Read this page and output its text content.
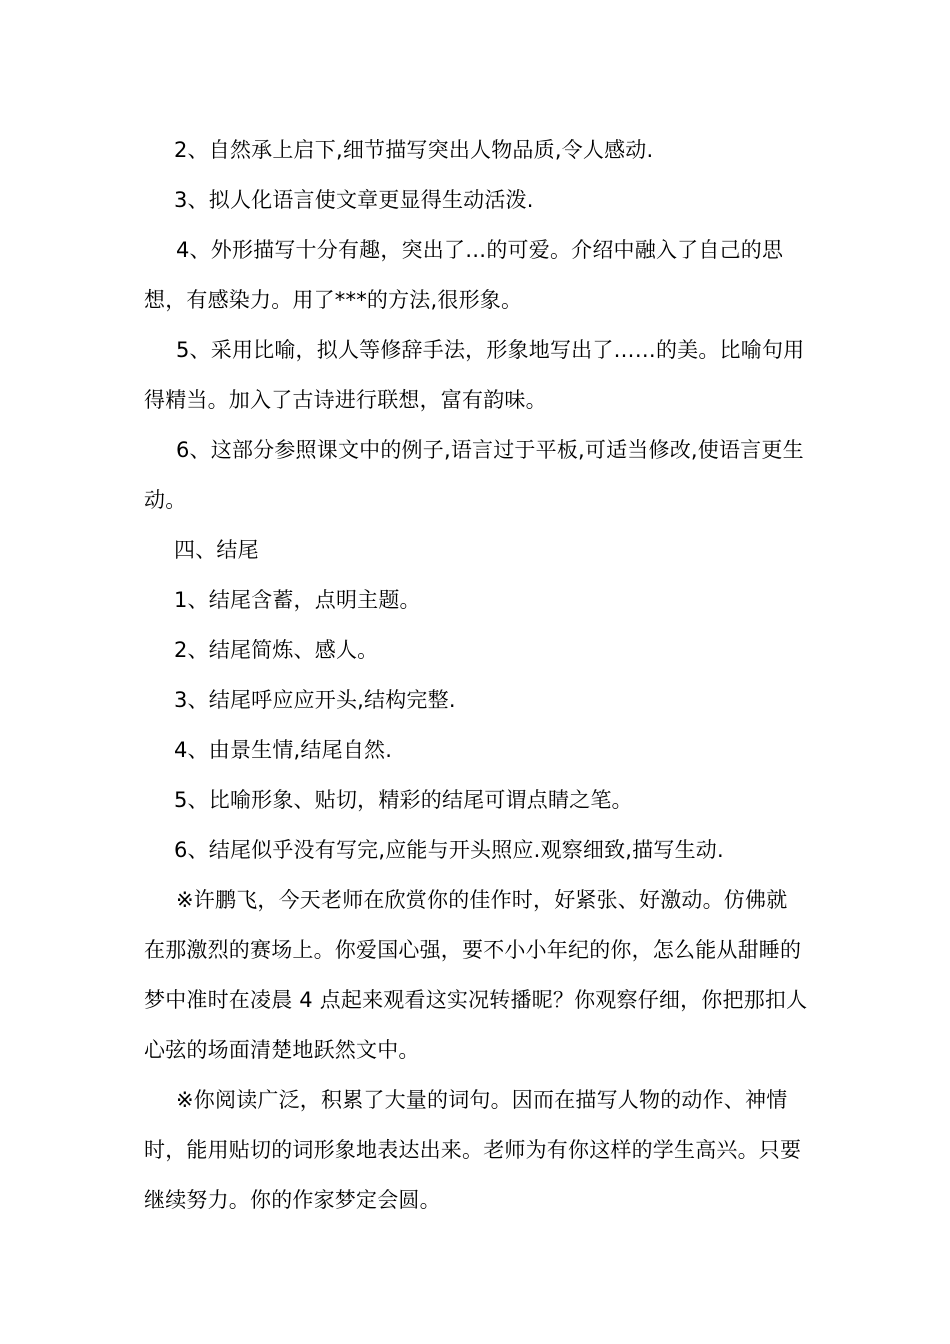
2、自然承上启下,细节描写突出人物品质,令人感动.

3、拟人化语言使文章更显得生动活泼.

4、外形描写十分有趣，突出了…的可爱。介绍中融入了自己的思想，有感染力。用了***的方法,很形象。

5、采用比喻，拟人等修辞手法，形象地写出了……的美。比喻句用得精当。加入了古诗进行联想，富有韵味。

6、这部分参照课文中的例子,语言过于平板,可适当修改,使语言更生动。

四、结尾

1、结尾含蓄，点明主题。

2、结尾简炼、感人。

3、结尾呼应应开头,结构完整.

4、由景生情,结尾自然.

5、比喻形象、贴切，精彩的结尾可谓点睛之笔。

6、结尾似乎没有写完,应能与开头照应.观察细致,描写生动.

※许鹏飞，今天老师在欣赏你的佳作时，好紧张、好激动。仿佛就在那激烈的赛场上。你爱国心强，要不小小年纪的你，怎么能从甜睡的梦中准时在凌晨 4 点起来观看这实况转播昵？你观察仔细，你把那扣人心弦的场面清楚地跃然文中。

※你阅读广泛，积累了大量的词句。因而在描写人物的动作、神情时，能用贴切的词形象地表达出来。老师为有你这样的学生高兴。只要继续努力。你的作家梦定会圆。
